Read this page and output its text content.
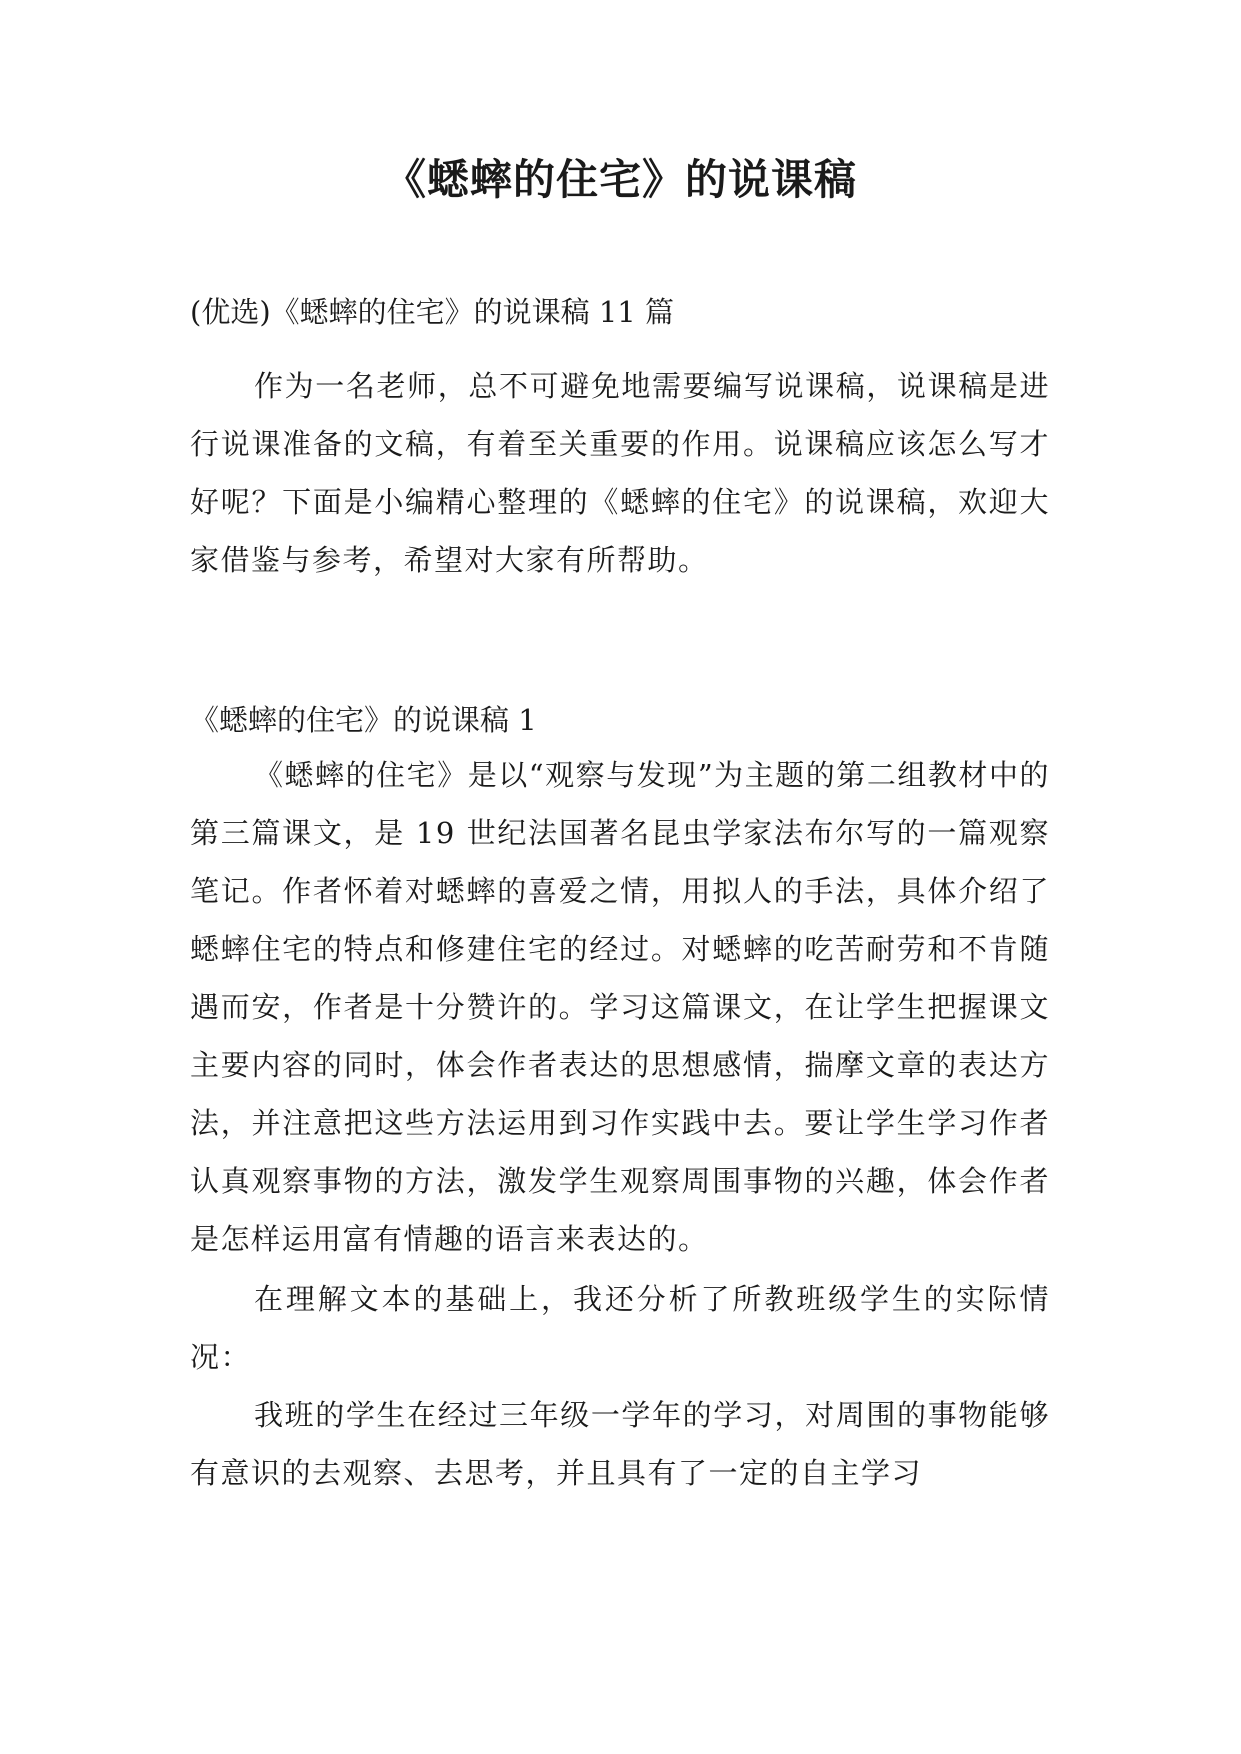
《蟋蟀的住宅》的说课稿

(优选)《蟋蟀的住宅》的说课稿 11 篇

作为一名老师，总不可避免地需要编写说课稿，说课稿是进行说课准备的文稿，有着至关重要的作用。说课稿应该怎么写才好呢？下面是小编精心整理的《蟋蟀的住宅》的说课稿，欢迎大家借鉴与参考，希望对大家有所帮助。

《蟋蟀的住宅》的说课稿 1

《蟋蟀的住宅》是以“观察与发现”为主题的第二组教材中的第三篇课文，是 19 世纪法国著名昆虫学家法布尔写的一篇观察笔记。作者怀着对蟋蟀的喜爱之情，用拟人的手法，具体介绍了蟋蟀住宅的特点和修建住宅的经过。对蟋蟀的吃苦耐劳和不肯随遇而安，作者是十分赞许的。学习这篇课文，在让学生把握课文主要内容的同时，体会作者表达的思想感情，揣摩文章的表达方法，并注意把这些方法运用到习作实践中去。要让学生学习作者认真观察事物的方法，激发学生观察周围事物的兴趣，体会作者是怎样运用富有情趣的语言来表达的。

在理解文本的基础上，我还分析了所教班级学生的实际情况：

我班的学生在经过三年级一学年的学习，对周围的事物能够有意识的去观察、去思考，并且具有了一定的自主学习
